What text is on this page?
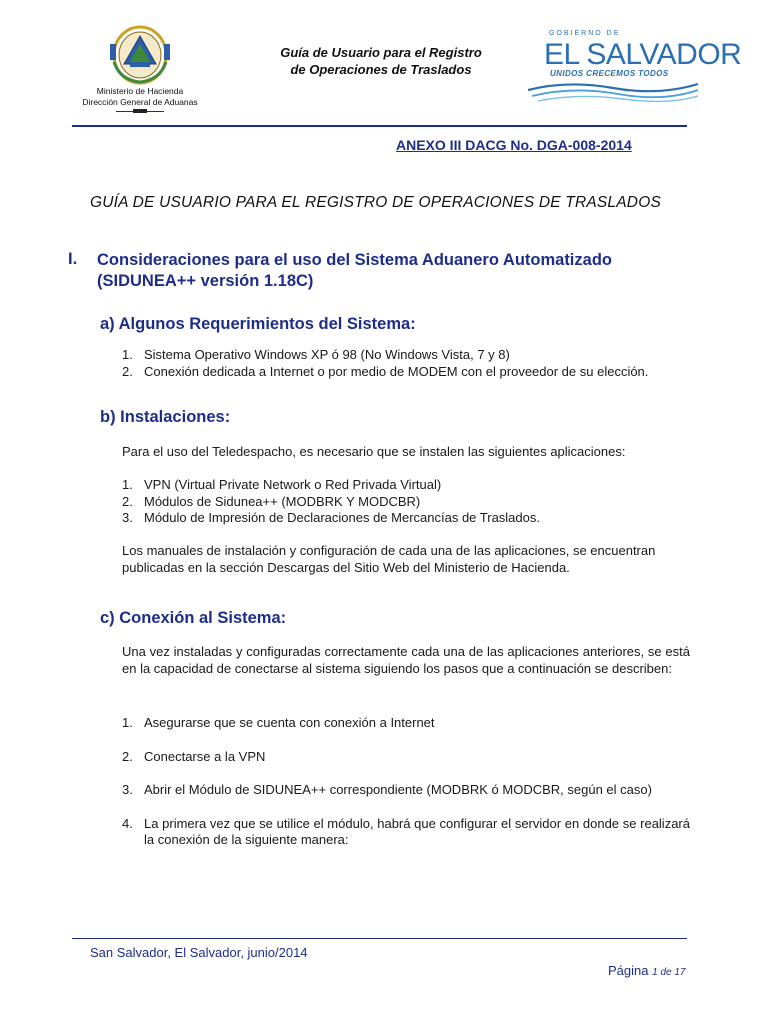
Ministerio de Hacienda
Dirección General de Aduanas
Guía de Usuario para el Registro
de Operaciones de Traslados
GOBIERNO DE
EL SALVADOR
UNIDOS CRECEMOS TODOS
ANEXO III DACG No. DGA-008-2014
GUÍA DE USUARIO PARA EL REGISTRO DE OPERACIONES DE TRASLADOS
I. Consideraciones para el uso del Sistema Aduanero Automatizado (SIDUNEA++ versión 1.18C)
a) Algunos Requerimientos del Sistema:
1. Sistema Operativo Windows XP ó 98 (No Windows Vista, 7 y 8)
2. Conexión dedicada a Internet o por medio de MODEM con el proveedor de su elección.
b) Instalaciones:
Para el uso del Teledespacho, es necesario que se instalen las siguientes aplicaciones:
1. VPN (Virtual Private Network o Red Privada Virtual)
2. Módulos de Sidunea++ (MODBRK Y MODCBR)
3. Módulo de Impresión de Declaraciones de Mercancías de Traslados.
Los manuales de instalación y configuración de cada una de las aplicaciones, se encuentran publicadas en la sección Descargas del Sitio Web del Ministerio de Hacienda.
c) Conexión al Sistema:
Una vez instaladas y configuradas correctamente cada una de las aplicaciones anteriores, se está en la capacidad de conectarse al sistema siguiendo los pasos que a continuación se describen:
1. Asegurarse que se cuenta con conexión a Internet
2. Conectarse a la VPN
3. Abrir el Módulo de SIDUNEA++ correspondiente (MODBRK ó MODCBR, según el caso)
4. La primera vez que se utilice el módulo, habrá que configurar el servidor en donde se realizará la conexión de la siguiente manera:
San Salvador, El Salvador, junio/2014
Página 1 de 17
